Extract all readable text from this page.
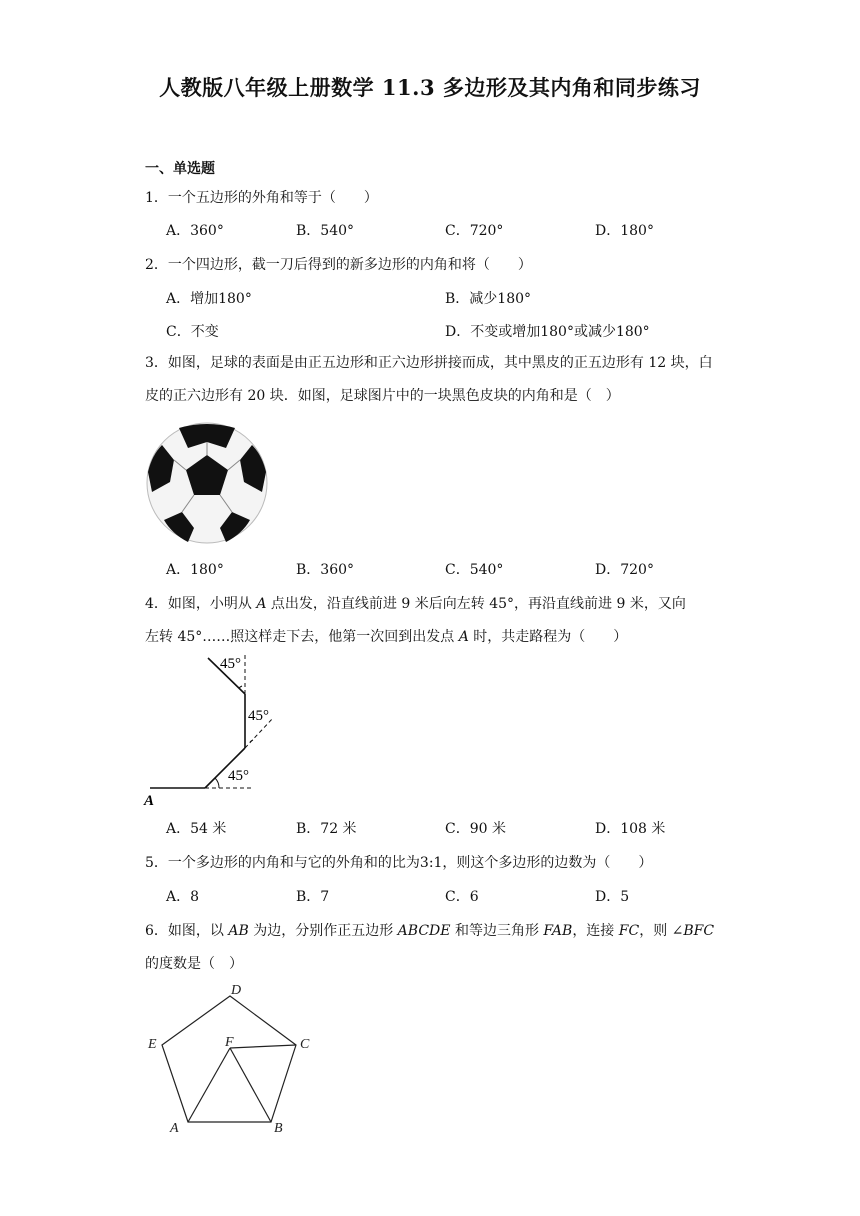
人教版八年级上册数学 11.3 多边形及其内角和同步练习
一、单选题
1．一个五边形的外角和等于（　　）
A．360°	B．540°	C．720°	D．180°
2．一个四边形，截一刀后得到的新多边形的内角和将（　　）
A．增加180°	B．减少180°
C．不变	D．不变或增加180°或减少180°
3．如图，足球的表面是由正五边形和正六边形拼接而成，其中黑皮的正五边形有 12 块，白皮的正六边形有 20 块．如图，足球图片中的一块黑色皮块的内角和是（　）
A．180°	B．360°	C．540°	D．720°
4．如图，小明从 A 点出发，沿直线前进 9 米后向左转 45°，再沿直线前进 9 米，又向
左转 45°……照这样走下去，他第一次回到出发点 A 时，共走路程为（　　）
45°
45°
45°
A
A．54 米	B．72 米	C．90 米	D．108 米
5．一个多边形的内角和与它的外角和的比为3:1，则这个多边形的边数为（　　）
A．8	B．7	C．6	D．5
6．如图，以 AB 为边，分别作正五边形 ABCDE 和等边三角形 FAB，连接 FC，则 ∠BFC
的度数是（　）
D
E	F	C
A	B
